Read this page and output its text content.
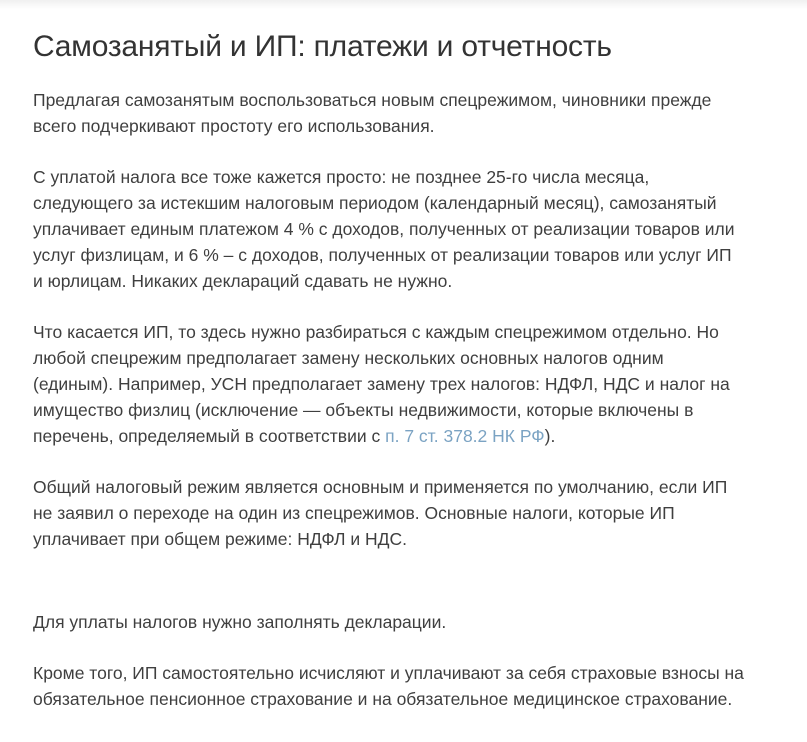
Самозанятый и ИП: платежи и отчетность

Предлагая самозанятым воспользоваться новым спецрежимом, чиновники прежде всего подчеркивают простоту его использования.

С уплатой налога все тоже кажется просто: не позднее 25-го числа месяца, следующего за истекшим налоговым периодом (календарный месяц), самозанятый уплачивает единым платежом 4 % с доходов, полученных от реализации товаров или услуг физлицам, и 6 % – с доходов, полученных от реализации товаров или услуг ИП и юрлицам. Никаких деклараций сдавать не нужно.

Что касается ИП, то здесь нужно разбираться с каждым спецрежимом отдельно. Но любой спецрежим предполагает замену нескольких основных налогов одним (единым). Например, УСН предполагает замену трех налогов: НДФЛ, НДС и налог на имущество физлиц (исключение — объекты недвижимости, которые включены в перечень, определяемый в соответствии с п. 7 ст. 378.2 НК РФ).

Общий налоговый режим является основным и применяется по умолчанию, если ИП не заявил о переходе на один из спецрежимов. Основные налоги, которые ИП уплачивает при общем режиме: НДФЛ и НДС.

Для уплаты налогов нужно заполнять декларации.

Кроме того, ИП самостоятельно исчисляют и уплачивают за себя страховые взносы на обязательное пенсионное страхование и на обязательное медицинское страхование.
